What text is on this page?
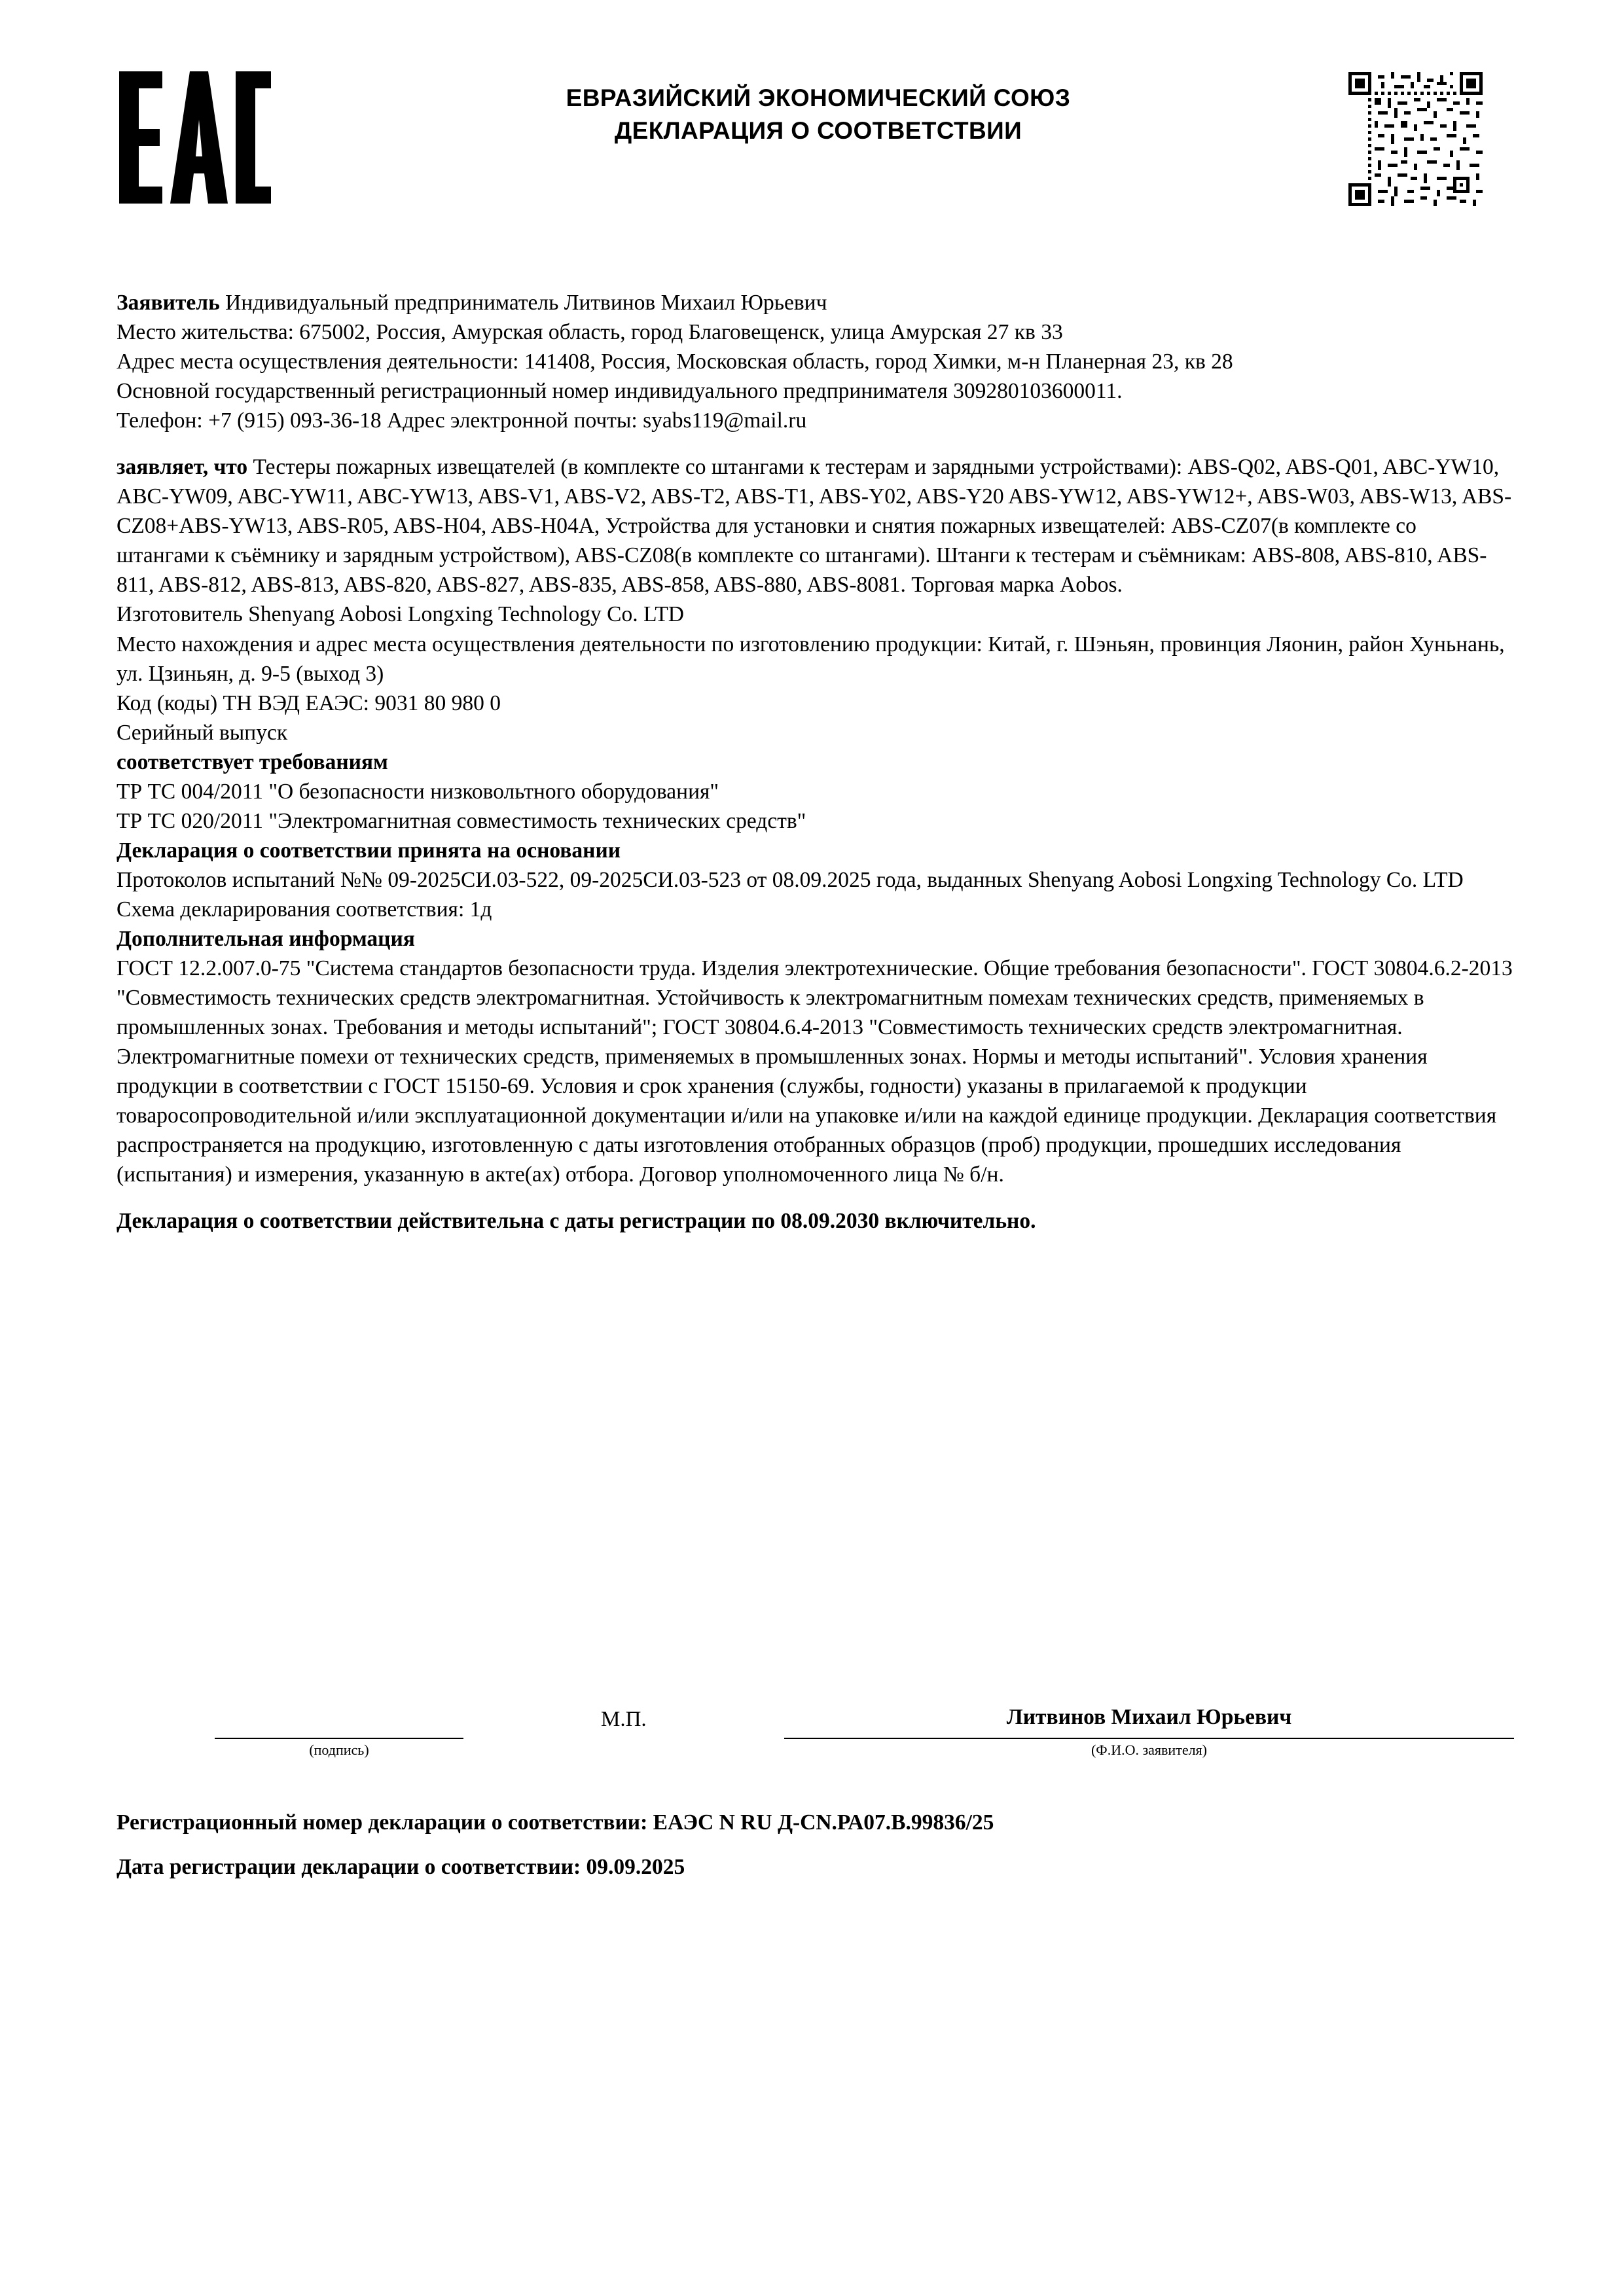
ЕВРАЗИЙСКИЙ ЭКОНОМИЧЕСКИЙ СОЮЗ
ДЕКЛАРАЦИЯ О СООТВЕТСТВИИ

Заявитель Индивидуальный предприниматель Литвинов Михаил Юрьевич

Место жительства: 675002, Россия, Амурская область, город Благовещенск, улица Амурская 27 кв 33

Адрес места осуществления деятельности: 141408, Россия, Московская область, город Химки, м-н Планерная 23, кв 28

Основной государственный регистрационный номер индивидуального предпринимателя 309280103600011.

Телефон: +7 (915) 093-36-18 Адрес электронной почты: syabs119@mail.ru

заявляет, что Тестеры пожарных извещателей (в комплекте со штангами к тестерам и зарядными устройствами): ABS-Q02, ABS-Q01, ABC-YW10, ABC-YW09, ABC-YW11, ABC-YW13, ABS-V1, ABS-V2, ABS-T2, ABS-T1, ABS-Y02, ABS-Y20 ABS-YW12, ABS-YW12+, ABS-W03, ABS-W13, ABS-CZ08+ABS-YW13, ABS-R05, ABS-H04, ABS-H04A, Устройства для установки и снятия пожарных извещателей: ABS-CZ07(в комплекте со штангами к съёмнику и зарядным устройством), ABS-CZ08(в комплекте со штангами). Штанги к тестерам и съёмникам: ABS-808, ABS-810, ABS-811, ABS-812, ABS-813, ABS-820, ABS-827, ABS-835, ABS-858, ABS-880, ABS-8081. Торговая марка Aobos.

Изготовитель Shenyang Aobosi Longxing Technology Co. LTD

Место нахождения и адрес места осуществления деятельности по изготовлению продукции: Китай, г. Шэньян, провинция Ляонин, район Хуньнань, ул. Цзиньян, д. 9-5 (выход 3)

Код (коды) ТН ВЭД ЕАЭС: 9031 80 980 0

Серийный выпуск

соответствует требованиям

ТР ТС 004/2011 "О безопасности низковольтного оборудования"

ТР ТС 020/2011 "Электромагнитная совместимость технических средств"

Декларация о соответствии принята на основании

Протоколов испытаний №№ 09-2025СИ.03-522, 09-2025СИ.03-523 от 08.09.2025 года, выданных Shenyang Aobosi Longxing Technology Co. LTD

Схема декларирования соответствия: 1д

Дополнительная информация

ГОСТ 12.2.007.0-75 "Система стандартов безопасности труда. Изделия электротехнические. Общие требования безопасности". ГОСТ 30804.6.2-2013 "Совместимость технических средств электромагнитная. Устойчивость к электромагнитным помехам технических средств, применяемых в промышленных зонах. Требования и методы испытаний"; ГОСТ 30804.6.4-2013 "Совместимость технических средств электромагнитная. Электромагнитные помехи от технических средств, применяемых в промышленных зонах. Нормы и методы испытаний". Условия хранения продукции в соответствии с ГОСТ 15150-69. Условия и срок хранения (службы, годности) указаны в прилагаемой к продукции товаросопроводительной и/или эксплуатационной документации и/или на упаковке и/или на каждой единице продукции. Декларация соответствия распространяется на продукцию, изготовленную с даты изготовления отобранных образцов (проб) продукции, прошедших исследования (испытания) и измерения, указанную в акте(ах) отбора. Договор уполномоченного лица № б/н.

Декларация о соответствии действительна с даты регистрации по 08.09.2030 включительно.

(подпись)
М.П.	Литвинов Михаил Юрьевич
(Ф.И.О. заявителя)

Регистрационный номер декларации о соответствии: ЕАЭС N RU Д-CN.РА07.В.99836/25

Дата регистрации декларации о соответствии: 09.09.2025
